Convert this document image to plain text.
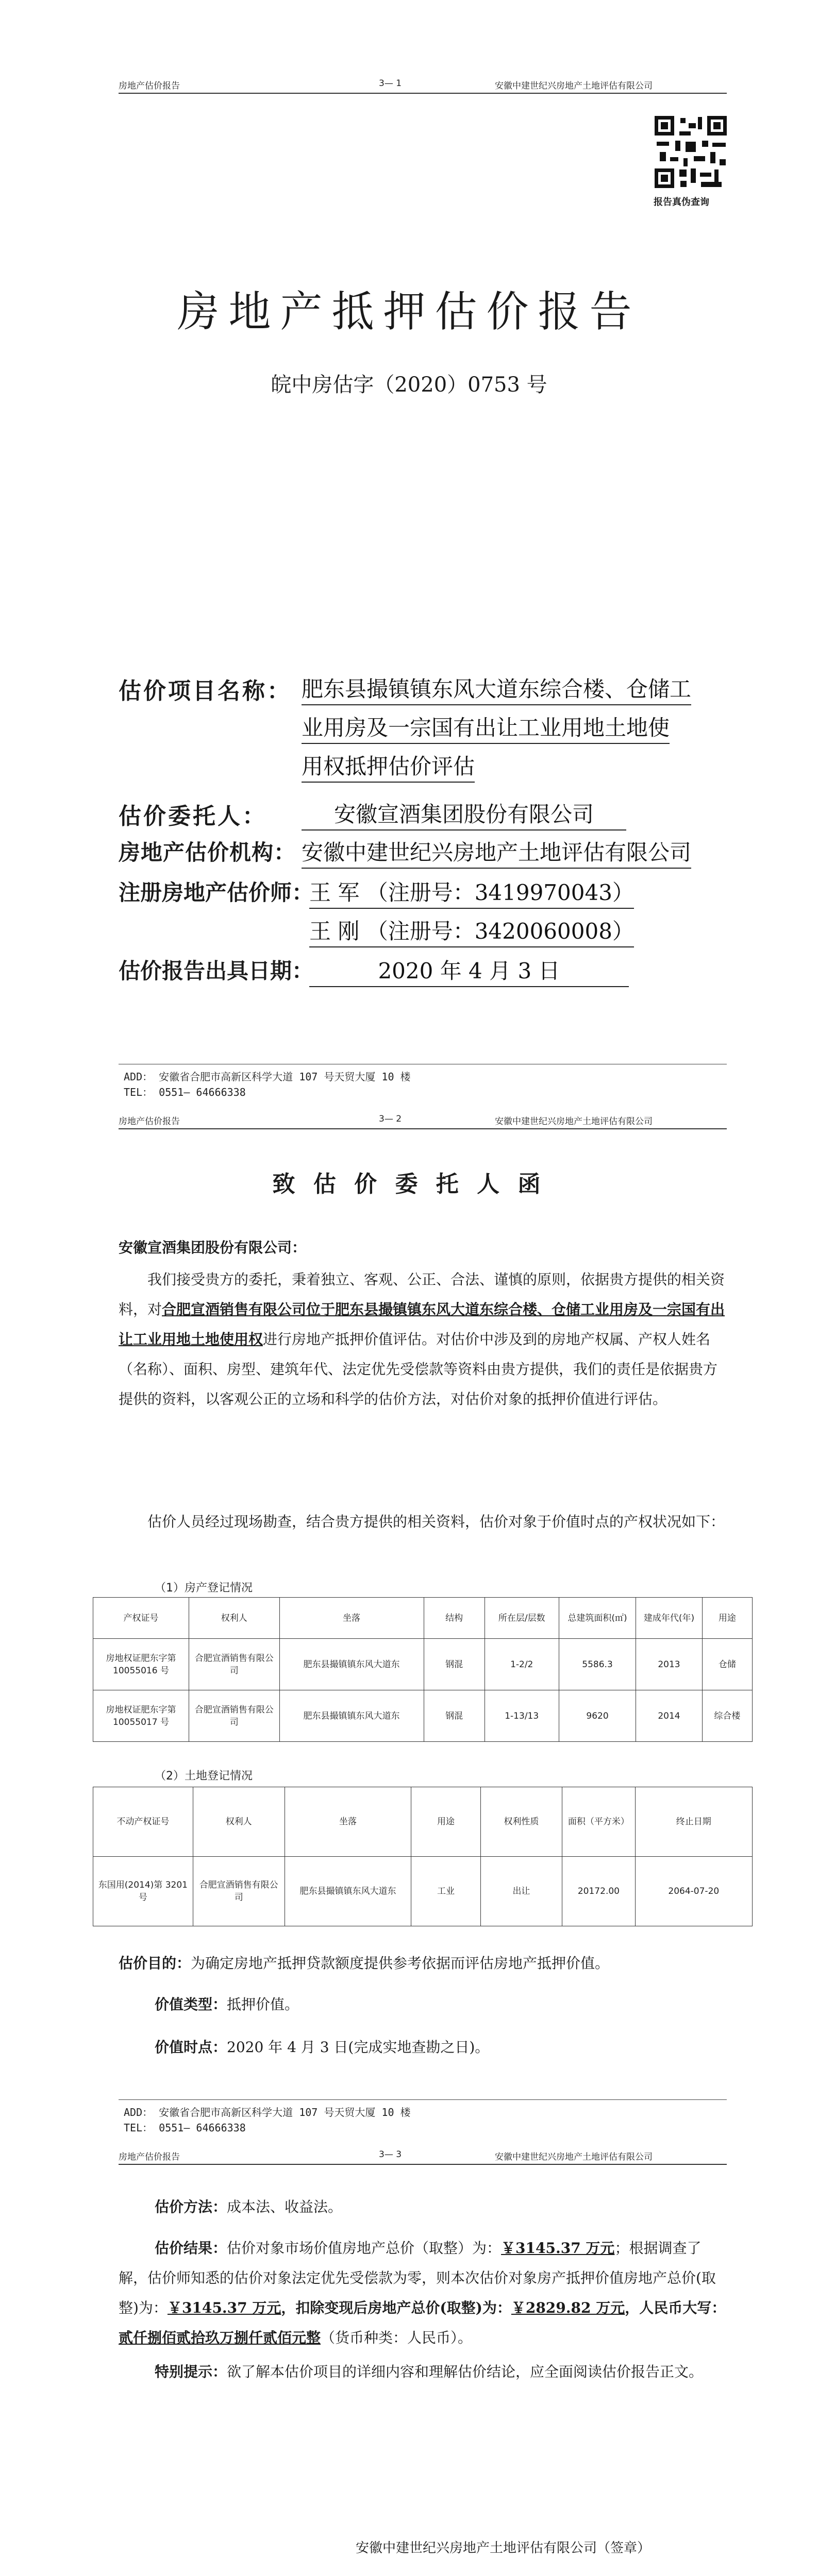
房地产估价报告	3— 1	安徽中建世纪兴房地产土地评估有限公司
报告真伪查询
房地产抵押估价报告
皖中房估字（2020）0753 号
估价项目名称： 肥东县撮镇镇东风大道东综合楼、仓储工
业用房及一宗国有出让工业用地土地使
用权抵押估价评估
估价委托人：	安徽宣酒集团股份有限公司
房地产估价机构： 安徽中建世纪兴房地产土地评估有限公司
注册房地产估价师：
王 军 （注册号：3419970043）
王 刚 （注册号：3420060008）
估价报告出具日期：	2020 年 4 月 3 日
ADD： 安徽省合肥市高新区科学大道 107 号天贸大厦 10 楼
TEL： 0551— 64666338
房地产估价报告	3— 2	安徽中建世纪兴房地产土地评估有限公司
致 估 价 委 托 人 函
安徽宣酒集团股份有限公司：
我们接受贵方的委托，秉着独立、客观、公正、合法、谨慎的原则，依据贵方提供的相关资料，对合肥宣酒销售有限公司位于肥东县撮镇镇东风大道东综合楼、仓储工业用房及一宗国有出让工业用地土地使用权进行房地产抵押价值评估。对估价中涉及到的房地产权属、产权人姓名（名称）、面积、房型、建筑年代、法定优先受偿款等资料由贵方提供，我们的责任是依据贵方提供的资料，以客观公正的立场和科学的估价方法，对估价对象的抵押价值进行评估。
估价人员经过现场勘查，结合贵方提供的相关资料，估价对象于价值时点的产权状况如下：
（1）房产登记情况
产权证号	权利人	坐落	结构	所在层/层数	总建筑面积(㎡)	建成年代(年)	用途
房地权证肥东字第 10055016 号	合肥宣酒销售有限公司	肥东县撮镇镇东风大道东	钢混	1-2/2	5586.3	2013	仓储
房地权证肥东字第 10055017 号	合肥宣酒销售有限公司	肥东县撮镇镇东风大道东	钢混	1-13/13	9620	2014	综合楼
（2）土地登记情况
不动产权证号	权利人	坐落	用途	权利性质	面积（平方米）	终止日期
东国用(2014)第 3201 号	合肥宣酒销售有限公司	肥东县撮镇镇东风大道东	工业	出让	20172.00	2064-07-20
估价目的：为确定房地产抵押贷款额度提供参考依据而评估房地产抵押价值。
价值类型：抵押价值。
价值时点：2020 年 4 月 3 日(完成实地查勘之日)。
ADD： 安徽省合肥市高新区科学大道 107 号天贸大厦 10 楼
TEL： 0551— 64666338
房地产估价报告	3— 3	安徽中建世纪兴房地产土地评估有限公司
估价方法：成本法、收益法。
估价结果：估价对象市场价值房地产总价（取整）为：￥3145.37 万元；根据调查了解，估价师知悉的估价对象法定优先受偿款为零，则本次估价对象房产抵押价值房地产总价(取整)为：￥3145.37 万元，扣除变现后房地产总价(取整)为：￥2829.82 万元，人民币大写：贰仟捌佰贰拾玖万捌仟贰佰元整（货币种类：人民币）。
特别提示：欲了解本估价项目的详细内容和理解估价结论，应全面阅读估价报告正文。
安徽中建世纪兴房地产土地评估有限公司（签章）
